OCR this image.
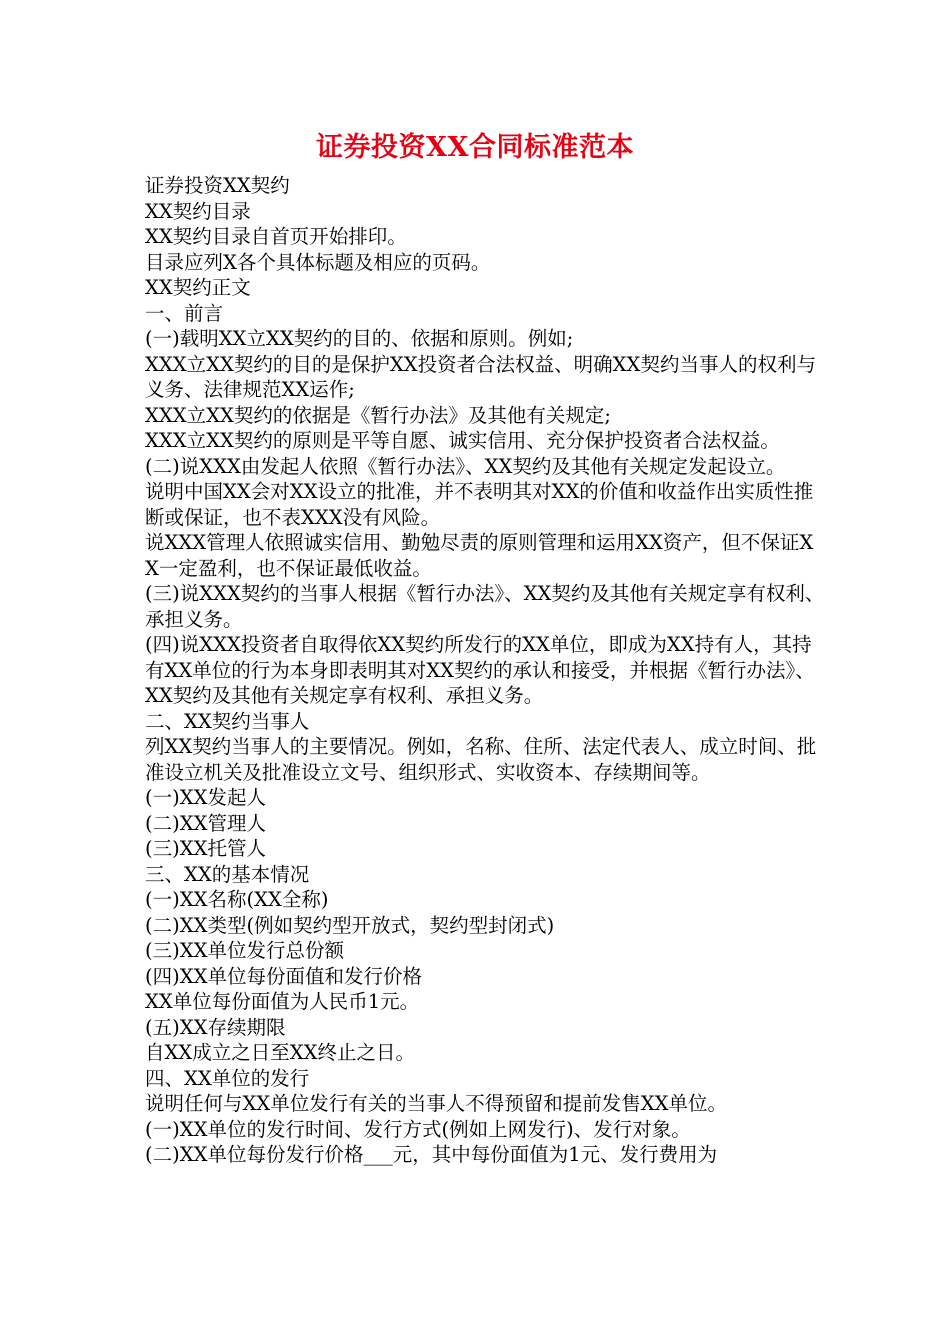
证券投资XX合同标准范本

证券投资XX契约

XX契约目录

XX契约目录自首页开始排印。

目录应列X各个具体标题及相应的页码。

XX契约正文

一、前言

(一)载明XX立XX契约的目的、依据和原则。例如;

XXX立XX契约的目的是保护XX投资者合法权益、明确XX契约当事人的权利与义务、法律规范XX运作;

XXX立XX契约的依据是《暂行办法》及其他有关规定;

XXX立XX契约的原则是平等自愿、诚实信用、充分保护投资者合法权益。

(二)说XXX由发起人依照《暂行办法》、XX契约及其他有关规定发起设立。

说明中国XX会对XX设立的批准，并不表明其对XX的价值和收益作出实质性推断或保证，也不表XXX没有风险。

说XXX管理人依照诚实信用、勤勉尽责的原则管理和运用XX资产，但不保证XX一定盈利，也不保证最低收益。

(三)说XXX契约的当事人根据《暂行办法》、XX契约及其他有关规定享有权利、承担义务。

(四)说XXX投资者自取得依XX契约所发行的XX单位，即成为XX持有人，其持有XX单位的行为本身即表明其对XX契约的承认和接受，并根据《暂行办法》、XX契约及其他有关规定享有权利、承担义务。

二、XX契约当事人

列XX契约当事人的主要情况。例如，名称、住所、法定代表人、成立时间、批准设立机关及批准设立文号、组织形式、实收资本、存续期间等。

(一)XX发起人

(二)XX管理人

(三)XX托管人

三、XX的基本情况

(一)XX名称(XX全称)

(二)XX类型(例如契约型开放式，契约型封闭式)

(三)XX单位发行总份额

(四)XX单位每份面值和发行价格

XX单位每份面值为人民币1元。

(五)XX存续期限

自XX成立之日至XX终止之日。

四、XX单位的发行

说明任何与XX单位发行有关的当事人不得预留和提前发售XX单位。

(一)XX单位的发行时间、发行方式(例如上网发行)、发行对象。

(二)XX单位每份发行价格___元，其中每份面值为1元、发行费用为
